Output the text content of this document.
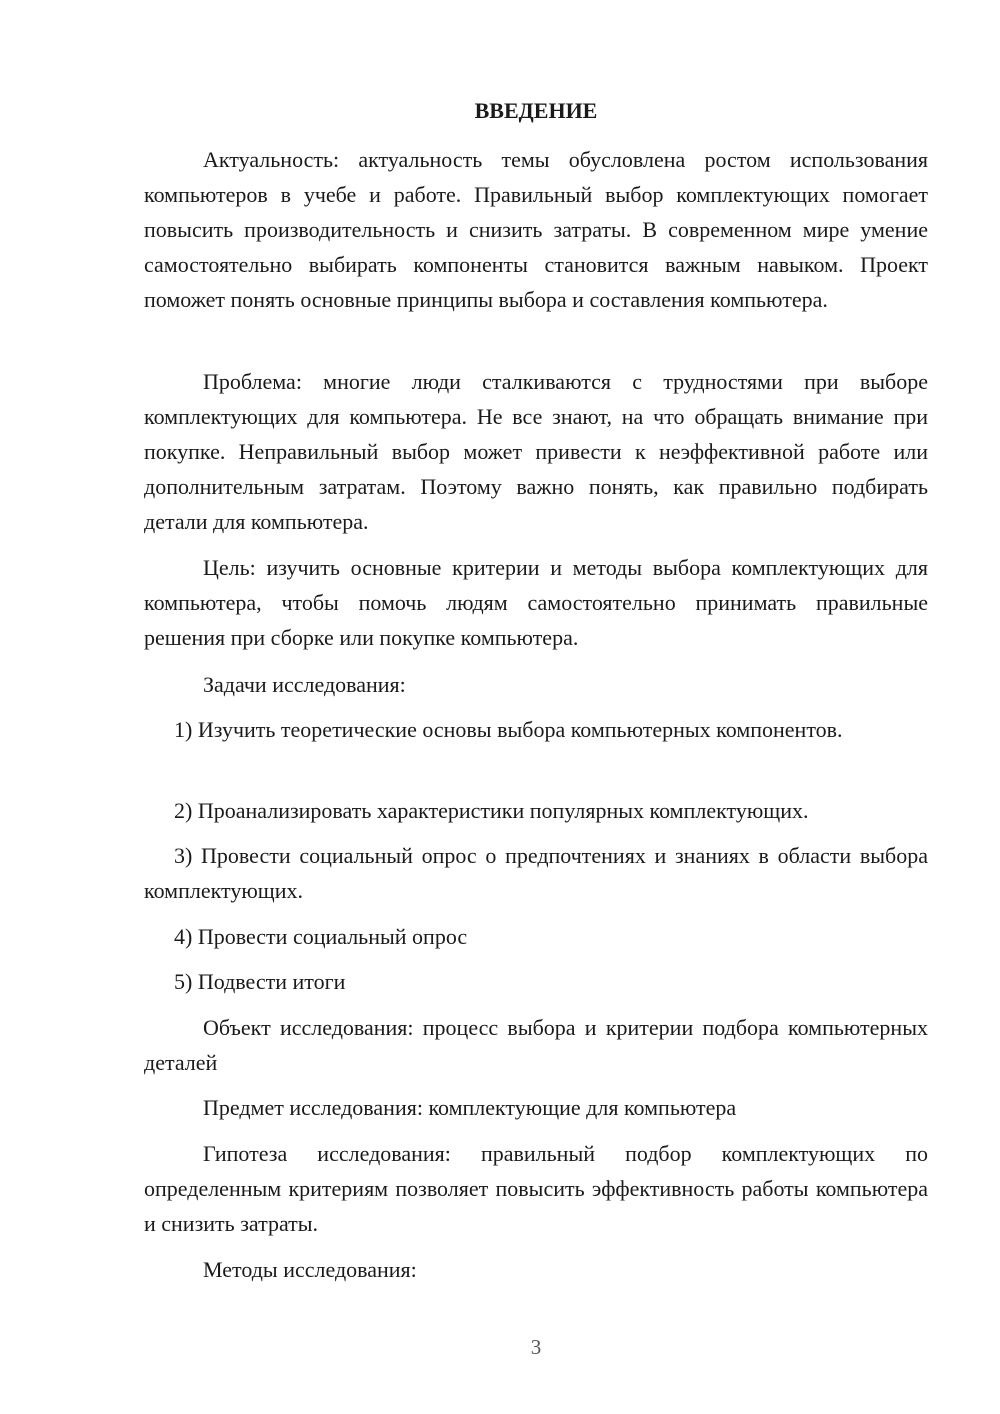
ВВЕДЕНИЕ

Актуальность: актуальность темы обусловлена ростом использования компьютеров в учебе и работе. Правильный выбор комплектующих помогает повысить производительность и снизить затраты. В современном мире умение самостоятельно выбирать компоненты становится важным навыком. Проект поможет понять основные принципы выбора и составления компьютера.

Проблема: многие люди сталкиваются с трудностями при выборе комплектующих для компьютера. Не все знают, на что обращать внимание при покупке. Неправильный выбор может привести к неэффективной работе или дополнительным затратам. Поэтому важно понять, как правильно подбирать детали для компьютера.

Цель: изучить основные критерии и методы выбора комплектующих для компьютера, чтобы помочь людям самостоятельно принимать правильные решения при сборке или покупке компьютера.

Задачи исследования:

1) Изучить теоретические основы выбора компьютерных компонентов.

2) Проанализировать характеристики популярных комплектующих.

3) Провести социальный опрос о предпочтениях и знаниях в области выбора комплектующих.

4) Провести социальный опрос

5) Подвести итоги

Объект исследования: процесс выбора и критерии подбора компьютерных деталей

Предмет исследования: комплектующие для компьютера

Гипотеза исследования: правильный подбор комплектующих по определенным критериям позволяет повысить эффективность работы компьютера и снизить затраты.

Методы исследования:

3
